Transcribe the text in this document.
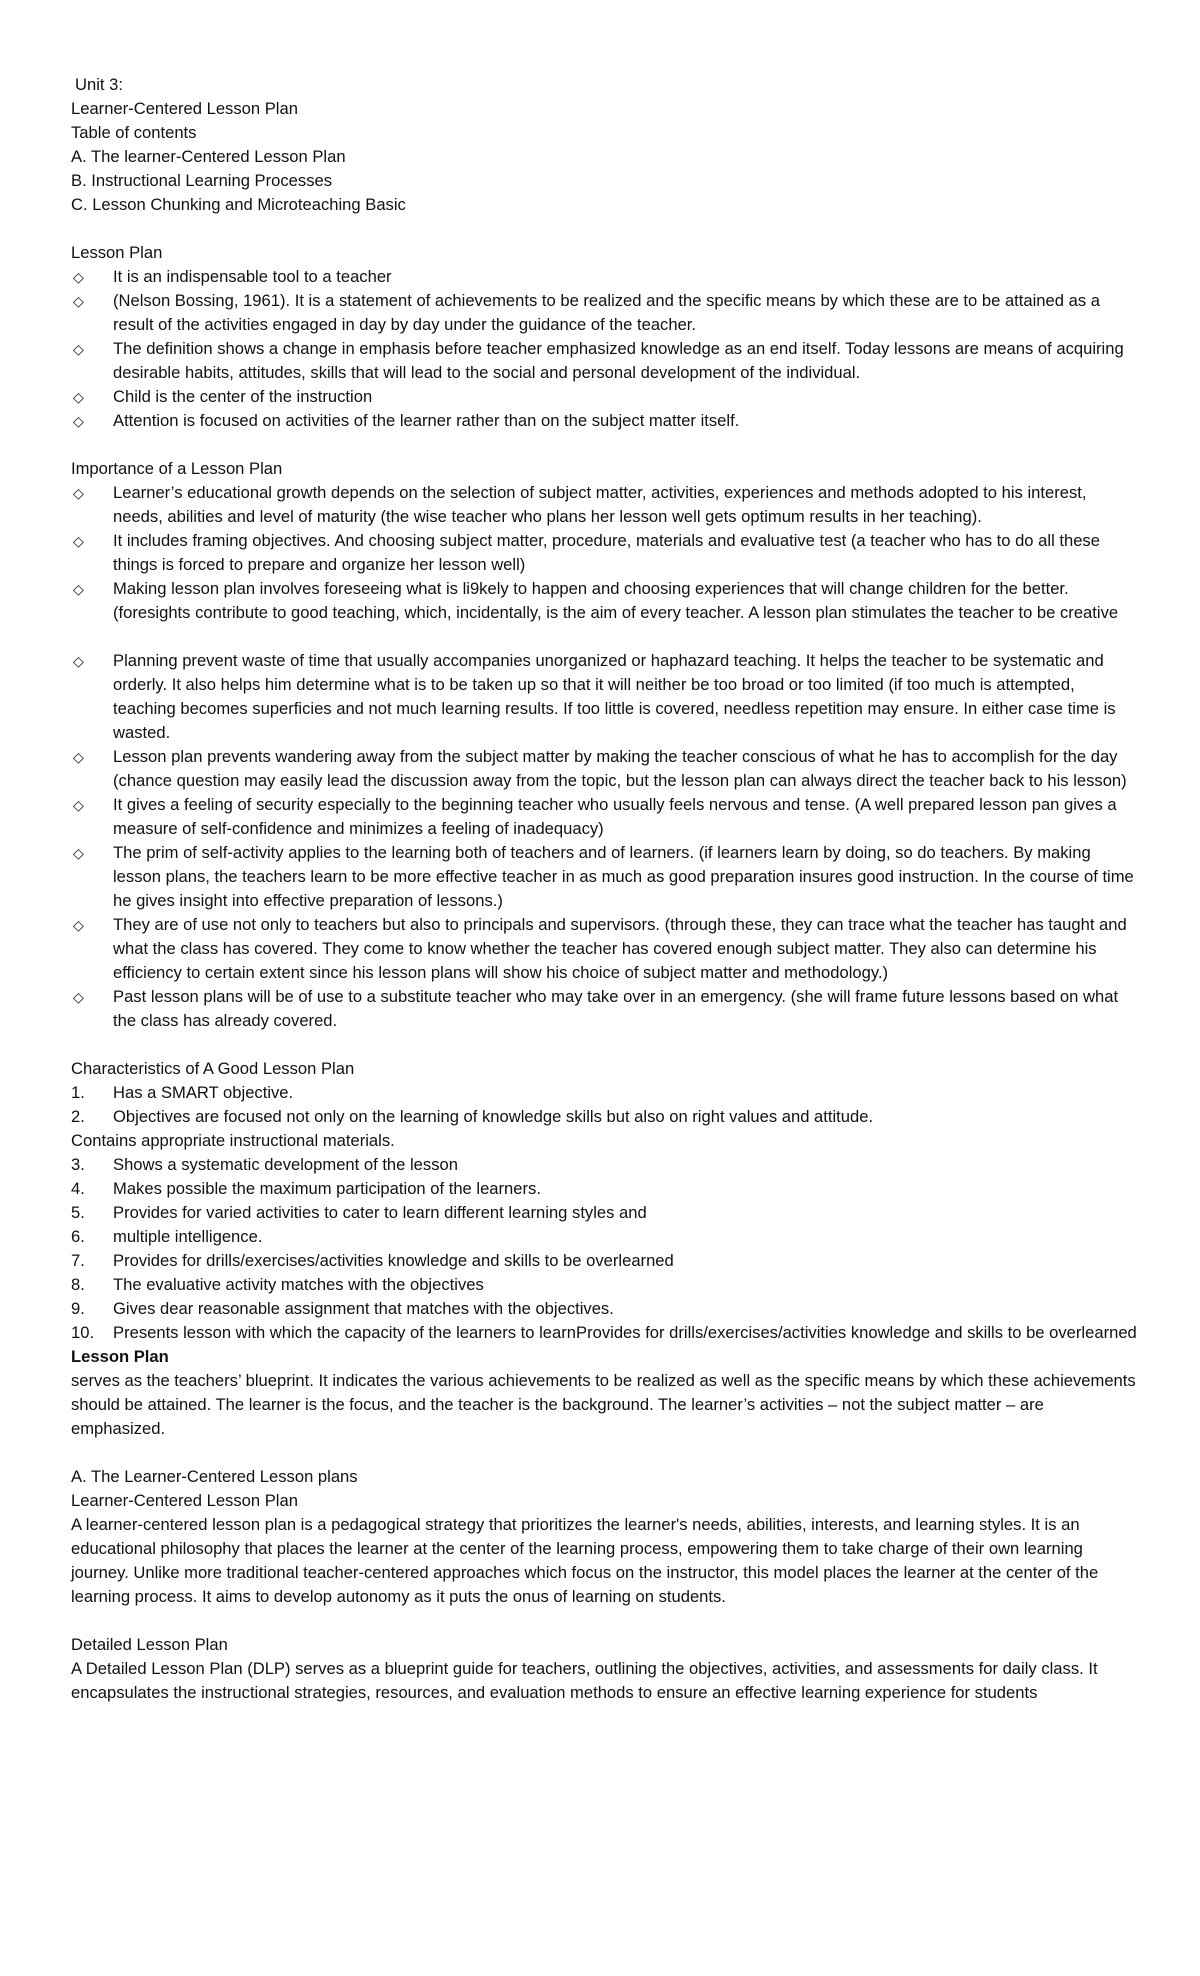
Unit 3:

Learner-Centered Lesson Plan

Table of contents

A. The learner-Centered Lesson Plan

B. Instructional Learning Processes

C. Lesson Chunking and Microteaching Basic

Lesson Plan

◇ It is an indispensable tool to a teacher

◇ (Nelson Bossing, 1961). It is a statement of achievements to be realized and the specific means by which these are to be attained as a result of the activities engaged in day by day under the guidance of the teacher.

◇ The definition shows a change in emphasis before teacher emphasized knowledge as an end itself. Today lessons are means of acquiring desirable habits, attitudes, skills that will lead to the social and personal development of the individual.

◇ Child is the center of the instruction

◇ Attention is focused on activities of the learner rather than on the subject matter itself.

Importance of a Lesson Plan

◇ Learner’s educational growth depends on the selection of subject matter, activities, experiences and methods adopted to his interest, needs, abilities and level of maturity (the wise teacher who plans her lesson well gets optimum results in her teaching).

◇ It includes framing objectives. And choosing subject matter, procedure, materials and evaluative test (a teacher who has to do all these things is forced to prepare and organize her lesson well)

◇ Making lesson plan involves foreseeing what is li9kely to happen and choosing experiences that will change children for the better.(foresights contribute to good teaching, which, incidentally, is the aim of every teacher. A lesson plan stimulates the teacher to be creative

◇ Planning prevent waste of time that usually accompanies unorganized or haphazard teaching. It helps the teacher to be systematic and orderly. It also helps him determine what is to be taken up so that it will neither be too broad or too limited (if too much is attempted, teaching becomes superficies and not much learning results. If too little is covered, needless repetition may ensure. In either case time is wasted.

◇ Lesson plan prevents wandering away from the subject matter by making the teacher conscious of what he has to accomplish for the day (chance question may easily lead the discussion away from the topic, but the lesson plan can always direct the teacher back to his lesson)

◇ It gives a feeling of security especially to the beginning teacher who usually feels nervous and tense. (A well prepared lesson pan gives a measure of self-confidence and minimizes a feeling of inadequacy)

◇ The prim of self-activity applies to the learning both of teachers and of learners. (if learners learn by doing, so do teachers. By making lesson plans, the teachers learn to be more effective teacher in as much as good preparation insures good instruction. In the course of time he gives insight into effective preparation of lessons.)

◇ They are of use not only to teachers but also to principals and supervisors. (through these, they can trace what the teacher has taught and what the class has covered. They come to know whether the teacher has covered enough subject matter. They also can determine his efficiency to certain extent since his lesson plans will show his choice of subject matter and methodology.)

◇ Past lesson plans will be of use to a substitute teacher who may take over in an emergency. (she will frame future lessons based on what the class has already covered.

Characteristics of A Good Lesson Plan

1. Has a SMART objective.

2. Objectives are focused not only on the learning of knowledge skills but also on right values and attitude.

Contains appropriate instructional materials.

3. Shows a systematic development of the lesson

4. Makes possible the maximum participation of the learners.

5. Provides for varied activities to cater to learn different learning styles and

6. multiple intelligence.

7. Provides for drills/exercises/activities knowledge and skills to be overlearned

8. The evaluative activity matches with the objectives

9. Gives dear reasonable assignment that matches with the objectives.

10. Presents lesson with which the capacity of the learners to learnProvides for drills/exercises/activities knowledge and skills to be overlearned

Lesson Plan

serves as the teachers’ blueprint. It indicates the various achievements to be realized as well as the specific means by which these achievements should be attained. The learner is the focus, and the teacher is the background. The learner’s activities – not the subject matter – are emphasized.

A. The Learner-Centered Lesson plans

Learner-Centered Lesson Plan

A learner-centered lesson plan is a pedagogical strategy that prioritizes the learner's needs, abilities, interests, and learning styles. It is an educational philosophy that places the learner at the center of the learning process, empowering them to take charge of their own learning journey. Unlike more traditional teacher-centered approaches which focus on the instructor, this model places the learner at the center of the learning process. It aims to develop autonomy as it puts the onus of learning on students.

Detailed Lesson Plan

A Detailed Lesson Plan (DLP) serves as a blueprint guide for teachers, outlining the objectives, activities, and assessments for daily class. It encapsulates the instructional strategies, resources, and evaluation methods to ensure an effective learning experience for students
